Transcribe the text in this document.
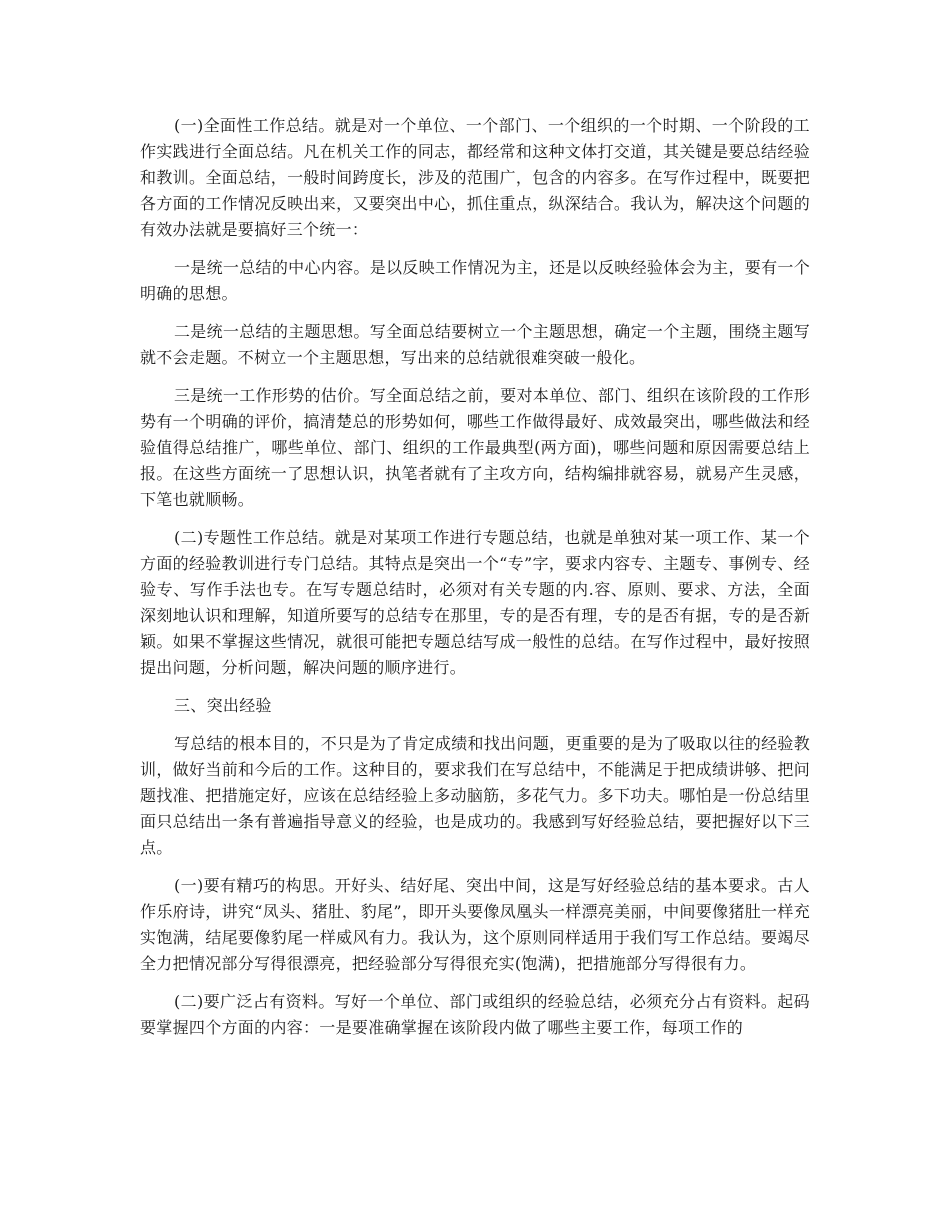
(一)全面性工作总结。就是对一个单位、一个部门、一个组织的一个时期、一个阶段的工作实践进行全面总结。凡在机关工作的同志，都经常和这种文体打交道，其关键是要总结经验和教训。全面总结，一般时间跨度长，涉及的范围广，包含的内容多。在写作过程中，既要把各方面的工作情况反映出来，又要突出中心，抓住重点，纵深结合。我认为，解决这个问题的有效办法就是要搞好三个统一：

一是统一总结的中心内容。是以反映工作情况为主，还是以反映经验体会为主，要有一个明确的思想。

二是统一总结的主题思想。写全面总结要树立一个主题思想，确定一个主题，围绕主题写就不会走题。不树立一个主题思想，写出来的总结就很难突破一般化。

三是统一工作形势的估价。写全面总结之前，要对本单位、部门、组织在该阶段的工作形势有一个明确的评价，搞清楚总的形势如何，哪些工作做得最好、成效最突出，哪些做法和经验值得总结推广，哪些单位、部门、组织的工作最典型(两方面)，哪些问题和原因需要总结上报。在这些方面统一了思想认识，执笔者就有了主攻方向，结构编排就容易，就易产生灵感，下笔也就顺畅。

(二)专题性工作总结。就是对某项工作进行专题总结，也就是单独对某一项工作、某一个方面的经验教训进行专门总结。其特点是突出一个“专”字，要求内容专、主题专、事例专、经验专、写作手法也专。在写专题总结时，必须对有关专题的内.容、原则、要求、方法，全面深刻地认识和理解，知道所要写的总结专在那里，专的是否有理，专的是否有据，专的是否新颖。如果不掌握这些情况，就很可能把专题总结写成一般性的总结。在写作过程中，最好按照提出问题，分析问题，解决问题的顺序进行。

三、突出经验

写总结的根本目的，不只是为了肯定成绩和找出问题，更重要的是为了吸取以往的经验教训，做好当前和今后的工作。这种目的，要求我们在写总结中，不能满足于把成绩讲够、把问题找准、把措施定好，应该在总结经验上多动脑筋，多花气力。多下功夫。哪怕是一份总结里面只总结出一条有普遍指导意义的经验，也是成功的。我感到写好经验总结，要把握好以下三点。

(一)要有精巧的构思。开好头、结好尾、突出中间，这是写好经验总结的基本要求。古人作乐府诗，讲究“凤头、猪肚、豹尾”，即开头要像凤凰头一样漂亮美丽，中间要像猪肚一样充实饱满，结尾要像豹尾一样威风有力。我认为，这个原则同样适用于我们写工作总结。要竭尽全力把情况部分写得很漂亮，把经验部分写得很充实(饱满)，把措施部分写得很有力。

(二)要广泛占有资料。写好一个单位、部门或组织的经验总结，必须充分占有资料。起码要掌握四个方面的内容：一是要准确掌握在该阶段内做了哪些主要工作，每项工作的
